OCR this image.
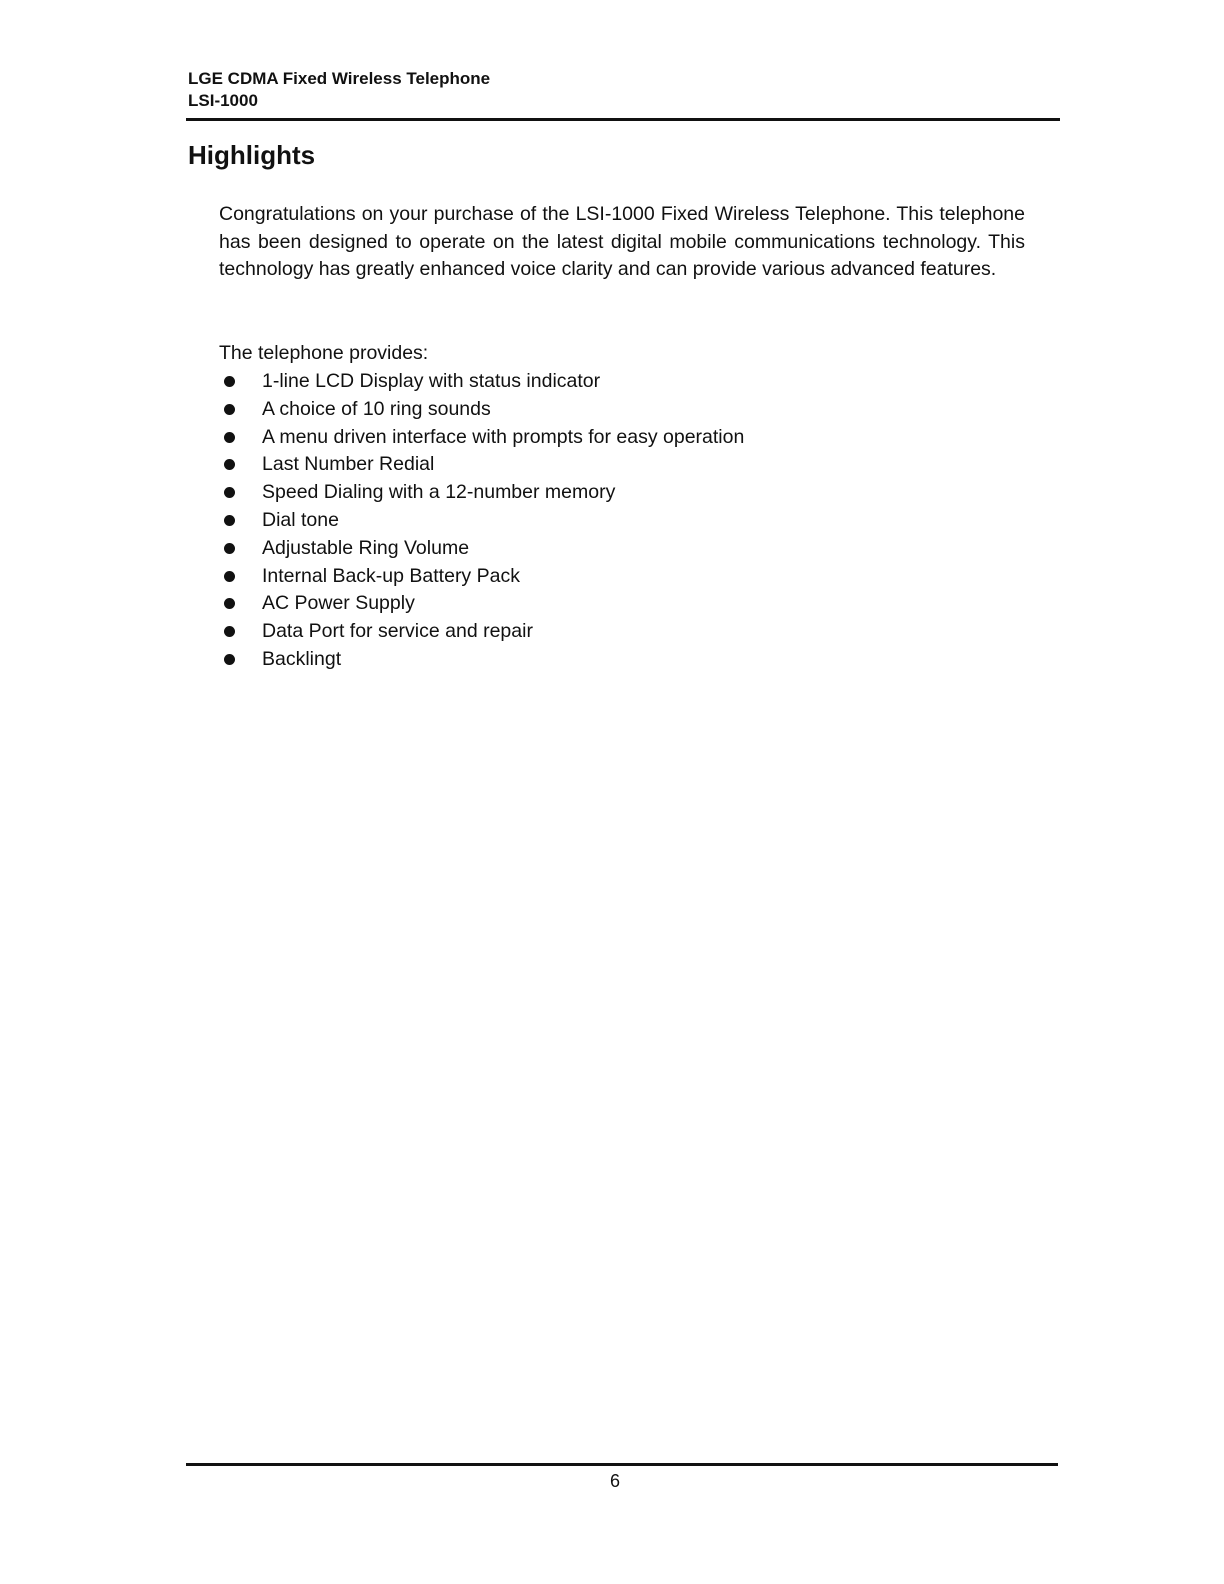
LGE CDMA Fixed Wireless Telephone
LSI-1000
Highlights

Congratulations on your purchase of the LSI-1000 Fixed Wireless Telephone. This telephone has been designed to operate on the latest digital mobile communications technology. This technology has greatly enhanced voice clarity and can provide various advanced features.

The telephone provides:

1-line LCD Display with status indicator
A choice of 10 ring sounds
A menu driven interface with prompts for easy operation
Last Number Redial
Speed Dialing with a 12-number memory
Dial tone
Adjustable Ring Volume
Internal Back-up Battery Pack
AC Power Supply
Data Port for service and repair
Backlingt
6
